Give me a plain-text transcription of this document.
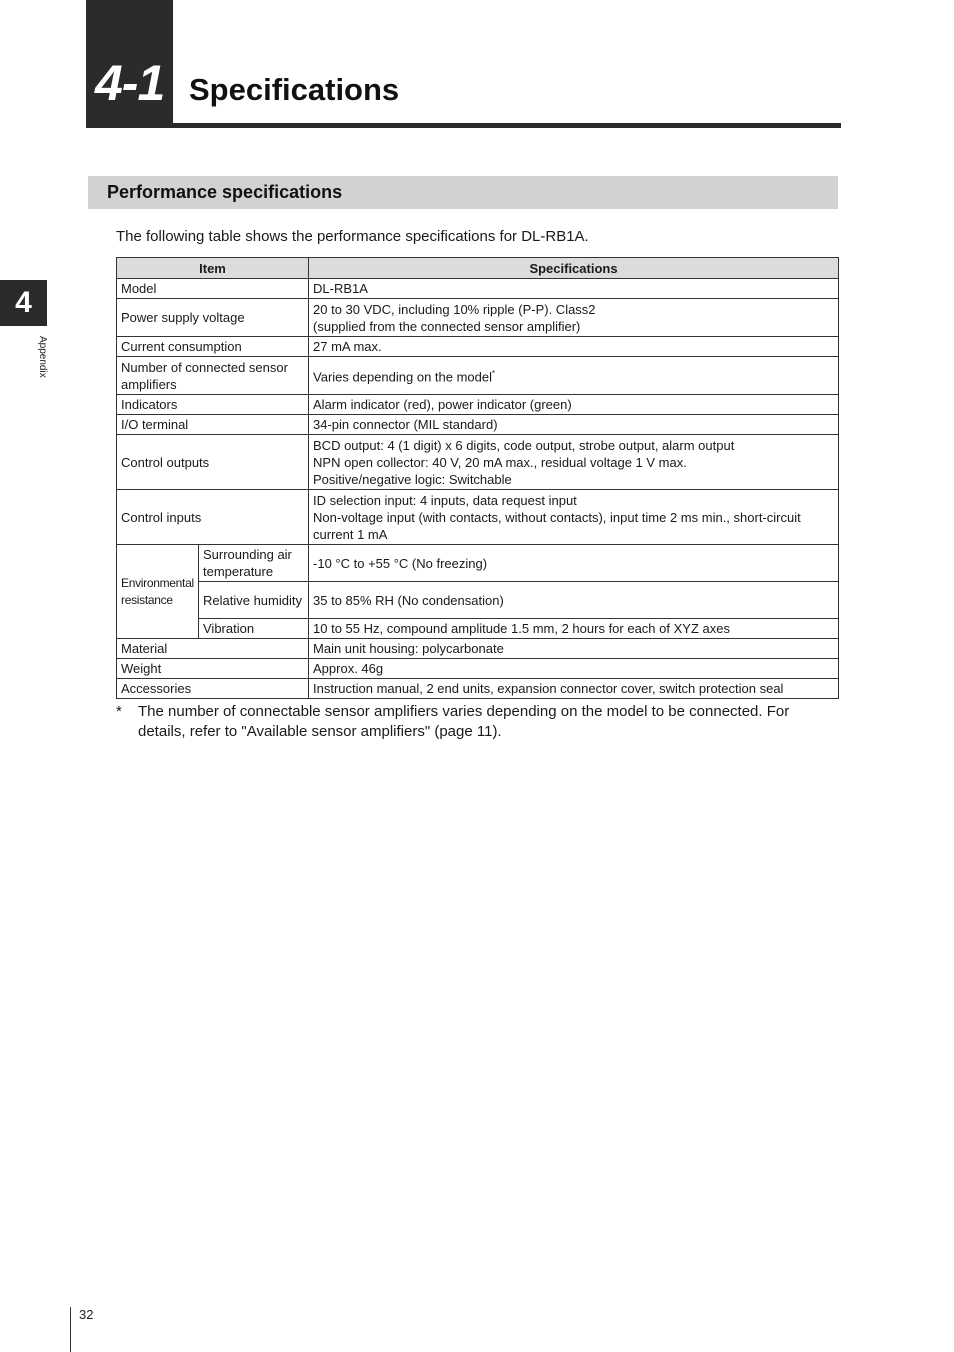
4-1 Specifications
4
Appendix
Performance specifications
The following table shows the performance specifications for DL-RB1A.
Item		Specifications
Model		DL-RB1A
Power supply voltage		20 to 30 VDC, including 10% ripple (P-P). Class2
(supplied from the connected sensor amplifier)

Current consumption		27 mA max.
Number of connected sensor amplifiers		Varies depending on the model*
Indicators		Alarm indicator (red), power indicator (green)
I/O terminal		34-pin connector (MIL standard)
Control outputs		BCD output: 4 (1 digit) x 6 digits, code output, strobe output, alarm output
NPN open collector: 40 V, 20 mA max., residual voltage 1 V max.
Positive/negative logic: Switchable

Control inputs		ID selection input: 4 inputs, data request input
Non-voltage input (with contacts, without contacts), input time 2 ms min., short-circuit current 1 mA

Environmental resistance	Surrounding air temperature	-10 °C to +55 °C (No freezing)
	Relative humidity	35 to 85% RH (No condensation)
	Vibration	10 to 55 Hz, compound amplitude 1.5 mm, 2 hours for each of XYZ axes
Material		Main unit housing: polycarbonate
Weight		Approx. 46g
Accessories		Instruction manual, 2 end units, expansion connector cover, switch protection seal
* The number of connectable sensor amplifiers varies depending on the model to be connected. For details, refer to "Available sensor amplifiers" (page 11).
32
